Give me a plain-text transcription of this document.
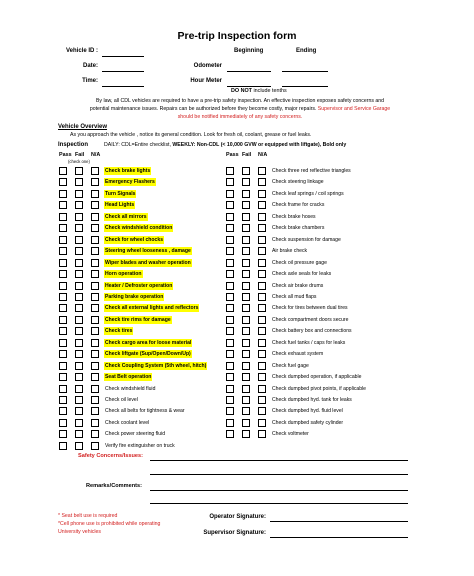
Pre-trip Inspection form
Beginning	Ending
Vehicle ID :
Date:	Odometer
Time:	Hour Meter
DO NOT include tenths
By law, all CDL vehicles are required to have a pre-trip safety inspection. An effective inspection exposes safety concerns and
potential maintenance issues. Repairs can be authorized before they become costly, major repairs. Supervisor and Service Garage
should be notified immediately of any safety concerns.
Vehicle Overview
As you approach the vehicle , notice its general condition. Look for fresh oil, coolant, grease or fuel leaks.
Inspection	DAILY: CDL=Entire checklist, WEEKLY: Non-CDL (< 10,000 GVW or equipped with liftgate), Bold only
Pass Fail N/A
(check one)
Pass Fail N/A
Check brake lights
Emergency Flashers
Turn Signals
Head Lights
Check all mirrors
Check windshield condition
Check for wheel chocks
Steering wheel looseness , damage
Wiper blades and washer operation
Horn operation
Heater / Defroster operation
Parking brake operation
Check all external lights and reflectors
Check tire rims for damage
Check tires
Check cargo area for loose material
Check liftgate (Sup/Open/Down/Up)
Check Coupling System (5th wheel, hitch)
Seat Belt operation
Check windshield fluid
Check oil level
Check all belts for tightness & wear
Check coolant level
Check power steering fluid
Verify fire extinguisher on truck
Check three red reflective triangles
Check steering linkage
Check leaf springs / coil springs
Check frame for cracks
Check brake hoses
Check brake chambers
Check suspension for damage
Air brake check
Check oil pressure gage
Check axle seals for leaks
Check air brake drums
Check all mud flaps
Check for tires between dual tires
Check compartment doors secure
Check battery box and connections
Check fuel tanks / caps for leaks
Check exhaust system
Check fuel gage
Check dumpbed operation, if applicable
Check dumpbed pivot points, if applicable
Check dumpbed hyd. tank for leaks
Check dumpbed hyd. fluid level
Check dumpbed safety cylinder
Check voltmeter
Safety Concerns/Issues:
Remarks/Comments:
* Seat belt use is required
*Cell phone use is prohibited while operating
University vehicles
Operator Signature:
Supervisor Signature:
